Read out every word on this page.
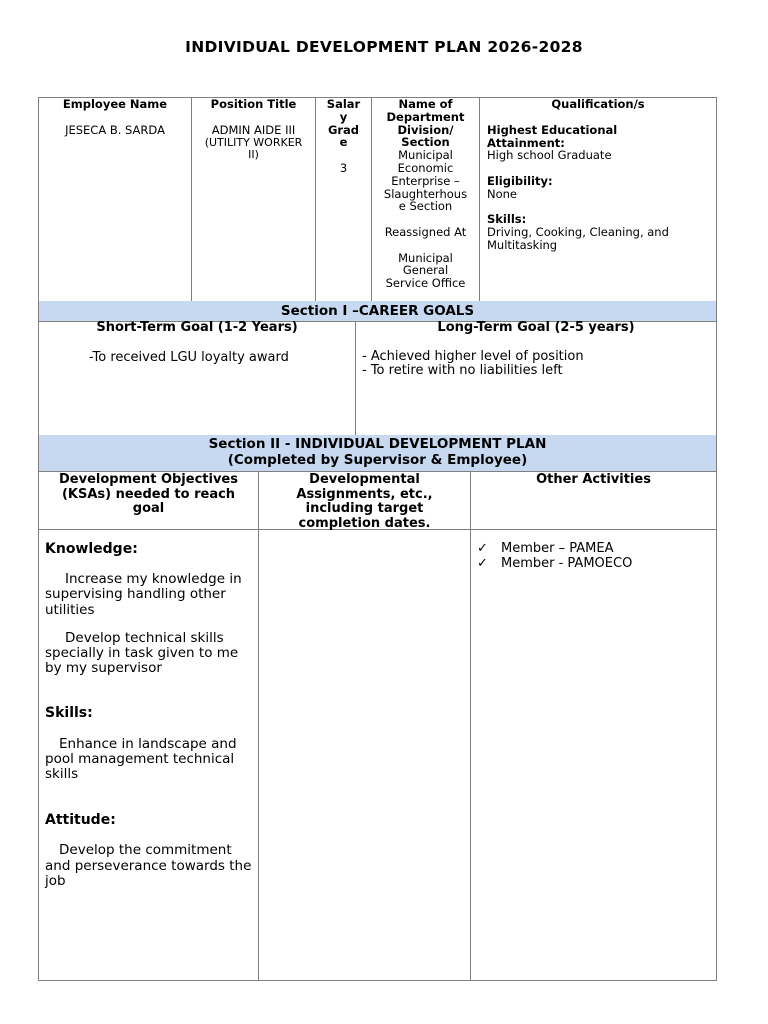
INDIVIDUAL DEVELOPMENT PLAN 2026-2028
Employee Name
JESECA B. SARDA
Position Title
ADMIN AIDE III
(UTILITY WORKER
II)
Salar
y
Grad
e
3
Name of
Department
Division/
Section
Municipal
Economic
Enterprise –
Slaughterhous
e Section
Reassigned At
Municipal
General
Service Office
Qualification/s
Highest Educational
Attainment:
High school Graduate
Eligibility:
None
Skills:
Driving, Cooking, Cleaning, and
Multitasking
Section I –CAREER GOALS
Short-Term Goal (1-2 Years)
-To received LGU loyalty award
Long-Term Goal (2-5 years)
- Achieved higher level of position
- To retire with no liabilities left
Section II - INDIVIDUAL DEVELOPMENT PLAN
(Completed by Supervisor & Employee)
Development Objectives
(KSAs) needed to reach
goal
Developmental
Assignments, etc.,
including target
completion dates.
Other Activities
Knowledge:
Increase my knowledge in supervising handling other utilities
Develop technical skills specially in task given to me by my supervisor
Skills:
Enhance in landscape and pool management technical skills
Attitude:
Develop the commitment and perseverance towards the job
✓ Member – PAMEA
✓ Member - PAMOECO
